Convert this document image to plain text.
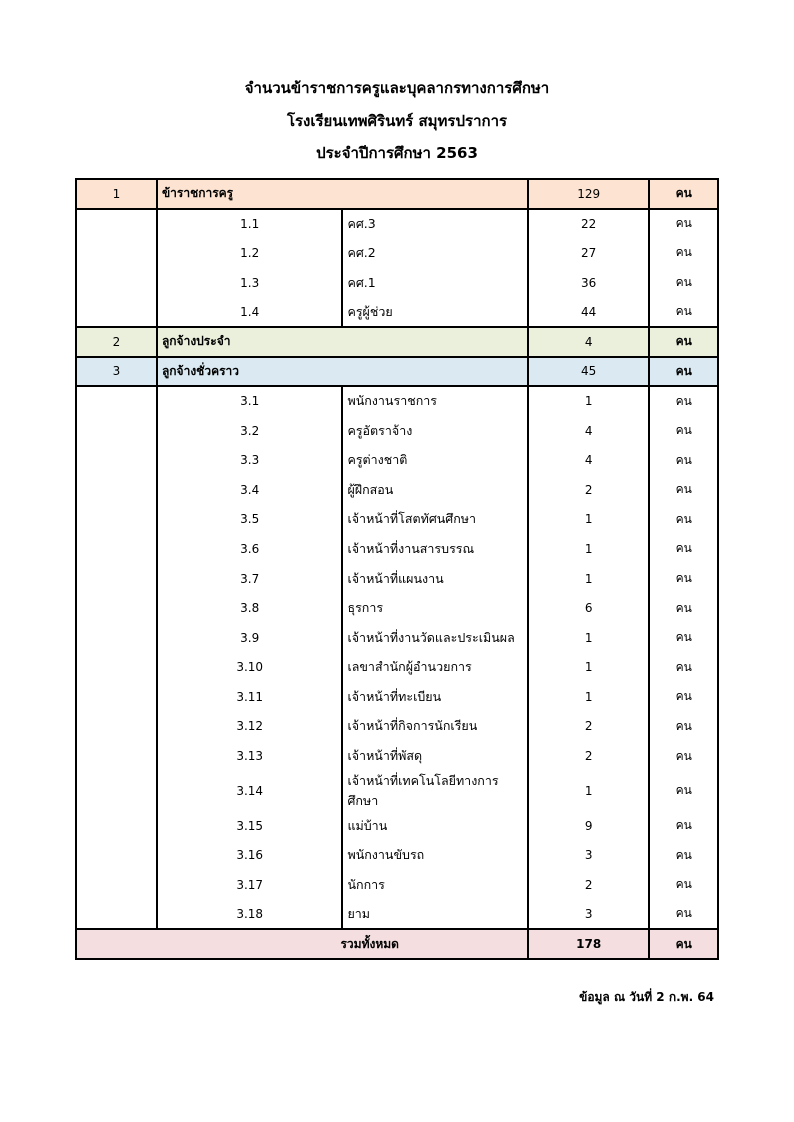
จำนวนข้าราชการครูและบุคลากรทางการศึกษา
โรงเรียนเทพศิรินทร์ สมุทรปราการ
ประจำปีการศึกษา 2563
1	ข้าราชการครู		129	คน
	1.1	คศ.3	22	คน
	1.2	คศ.2	27	คน
	1.3	คศ.1	36	คน
	1.4	ครูผู้ช่วย	44	คน
2	ลูกจ้างประจำ		4	คน
3	ลูกจ้างชั่วคราว		45	คน
	3.1	พนักงานราชการ	1	คน
	3.2	ครูอัตราจ้าง	4	คน
	3.3	ครูต่างชาติ	4	คน
	3.4	ผู้ฝึกสอน	2	คน
	3.5	เจ้าหน้าที่โสตทัศนศึกษา	1	คน
	3.6	เจ้าหน้าที่งานสารบรรณ	1	คน
	3.7	เจ้าหน้าที่แผนงาน	1	คน
	3.8	ธุรการ	6	คน
	3.9	เจ้าหน้าที่งานวัดและประเมินผล	1	คน
	3.10	เลขาสำนักผู้อำนวยการ	1	คน
	3.11	เจ้าหน้าที่ทะเบียน	1	คน
	3.12	เจ้าหน้าที่กิจการนักเรียน	2	คน
	3.13	เจ้าหน้าที่พัสดุ	2	คน
	3.14	เจ้าหน้าที่เทคโนโลยีทางการศึกษา	1	คน
	3.15	แม่บ้าน	9	คน
	3.16	พนักงานขับรถ	3	คน
	3.17	นักการ	2	คน
	3.18	ยาม	3	คน
รวมทั้งหมด			178	คน
ข้อมูล ณ วันที่ 2 ก.พ. 64
